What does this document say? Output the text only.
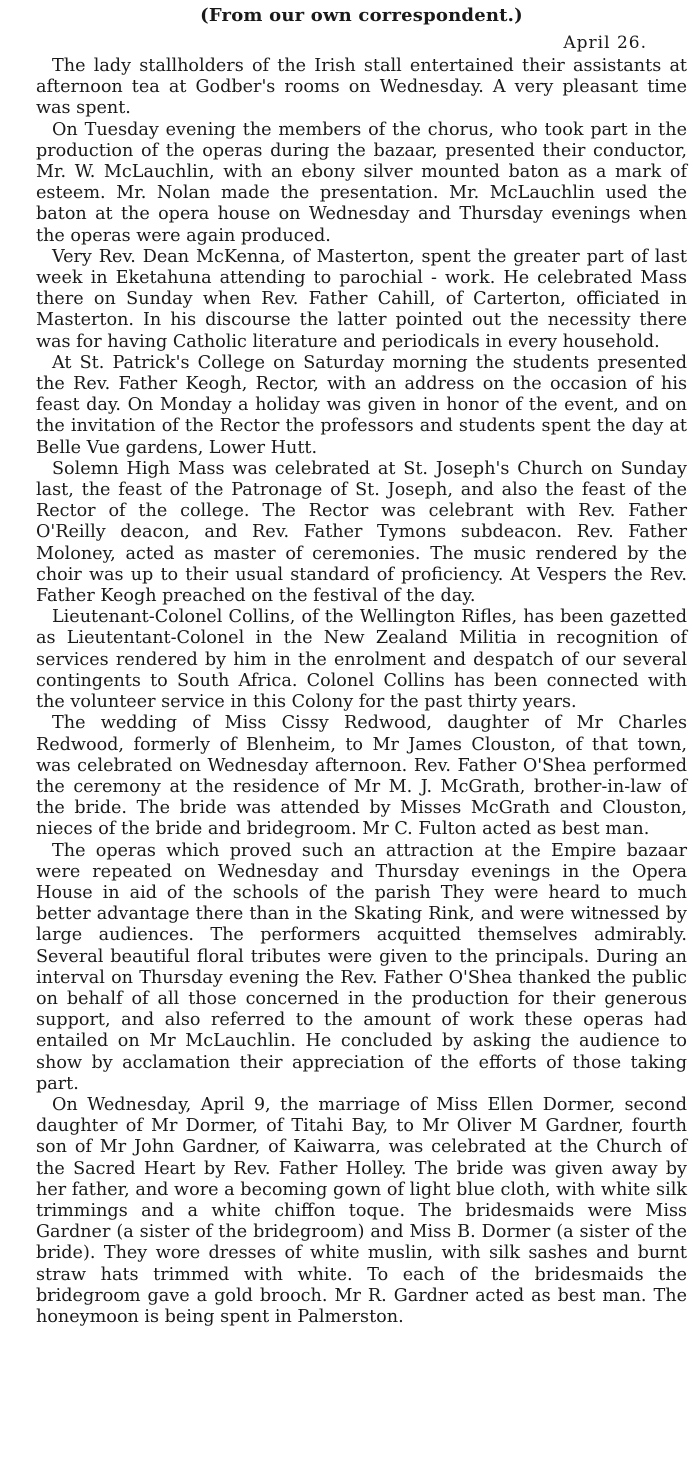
(From our own correspondent.)
April 26.

The lady stallholders of the Irish stall entertained their assistants at afternoon tea at Godber's rooms on Wednesday. A very pleasant time was spent.

On Tuesday evening the members of the chorus, who took part in the production of the operas during the bazaar, presented their conductor, Mr. W. McLauchlin, with an ebony silver mounted baton as a mark of esteem. Mr. Nolan made the presentation. Mr. McLauchlin used the baton at the opera house on Wednesday and Thursday evenings when the operas were again produced.

Very Rev. Dean McKenna, of Masterton, spent the greater part of last week in Eketahuna attending to parochial - work. He celebrated Mass there on Sunday when Rev. Father Cahill, of Carterton, officiated in Masterton. In his discourse the latter pointed out the necessity there was for having Catholic literature and periodicals in every household.

At St. Patrick's College on Saturday morning the students presented the Rev. Father Keogh, Rector, with an address on the occasion of his feast day. On Monday a holiday was given in honor of the event, and on the invitation of the Rector the professors and students spent the day at Belle Vue gardens, Lower Hutt.

Solemn High Mass was celebrated at St. Joseph's Church on Sunday last, the feast of the Patronage of St. Joseph, and also the feast of the Rector of the college. The Rector was celebrant with Rev. Father O'Reilly deacon, and Rev. Father Tymons subdeacon. Rev. Father Moloney, acted as master of ceremonies. The music rendered by the choir was up to their usual standard of proficiency. At Vespers the Rev. Father Keogh preached on the festival of the day.

Lieutenant-Colonel Collins, of the Wellington Rifles, has been gazetted as Lieutentant-Colonel in the New Zealand Militia in recognition of services rendered by him in the enrolment and despatch of our several contingents to South Africa. Colonel Collins has been connected with the volunteer service in this Colony for the past thirty years.

The wedding of Miss Cissy Redwood, daughter of Mr Charles Redwood, formerly of Blenheim, to Mr James Clouston, of that town, was celebrated on Wednesday afternoon. Rev. Father O'Shea performed the ceremony at the residence of Mr M. J. McGrath, brother-in-law of the bride. The bride was attended by Misses McGrath and Clouston, nieces of the bride and bridegroom. Mr C. Fulton acted as best man.

The operas which proved such an attraction at the Empire bazaar were repeated on Wednesday and Thursday evenings in the Opera House in aid of the schools of the parish They were heard to much better advantage there than in the Skating Rink, and were witnessed by large audiences. The performers acquitted themselves admirably. Several beautiful floral tributes were given to the principals. During an interval on Thursday evening the Rev. Father O'Shea thanked the public on behalf of all those concerned in the production for their generous support, and also referred to the amount of work these operas had entailed on Mr McLauchlin. He concluded by asking the audience to show by acclamation their appreciation of the efforts of those taking part.

On Wednesday, April 9, the marriage of Miss Ellen Dormer, second daughter of Mr Dormer, of Titahi Bay, to Mr Oliver M Gardner, fourth son of Mr John Gardner, of Kaiwarra, was celebrated at the Church of the Sacred Heart by Rev. Father Holley. The bride was given away by her father, and wore a becoming gown of light blue cloth, with white silk trimmings and a white chiffon toque. The bridesmaids were Miss Gardner (a sister of the bridegroom) and Miss B. Dormer (a sister of the bride). They wore dresses of white muslin, with silk sashes and burnt straw hats trimmed with white. To each of the bridesmaids the bridegroom gave a gold brooch. Mr R. Gardner acted as best man. The honeymoon is being spent in Palmerston.
